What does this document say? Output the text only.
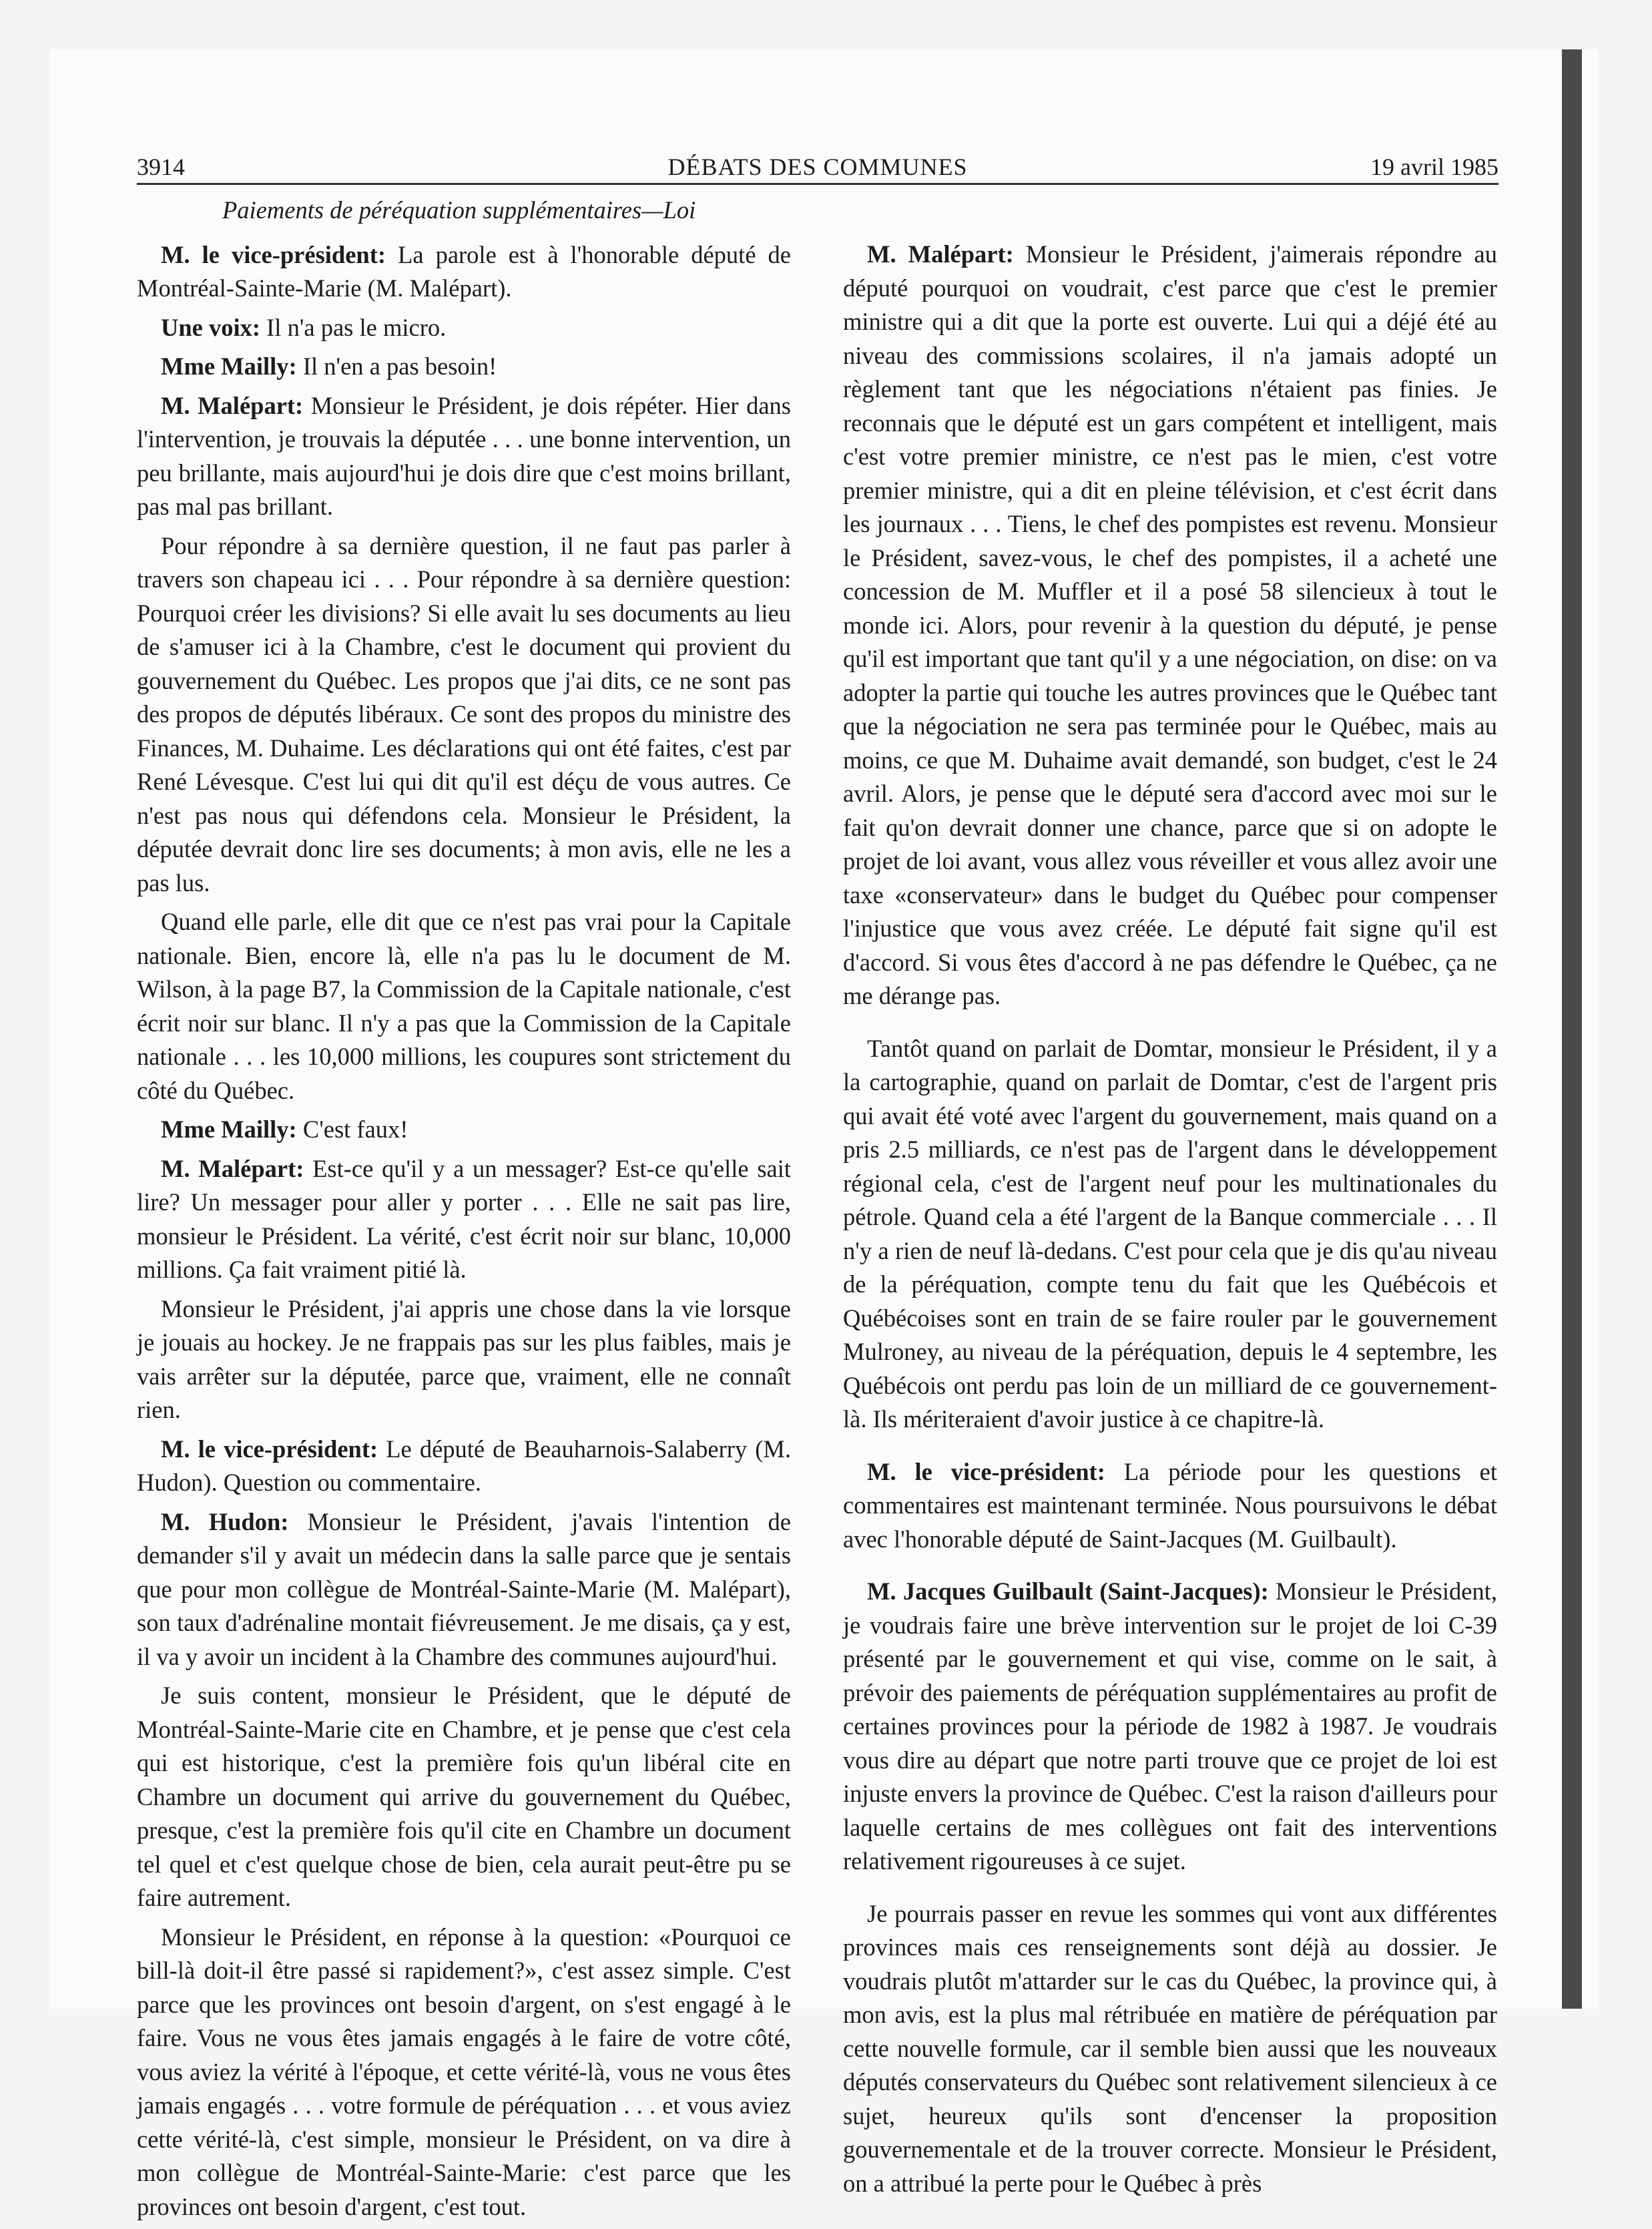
3914	DÉBATS DES COMMUNES	19 avril 1985

Paiements de péréquation supplémentaires—Loi

M. le vice-président: La parole est à l'honorable député de Montréal-Sainte-Marie (M. Malépart).

Une voix: Il n'a pas le micro.

Mme Mailly: Il n'en a pas besoin!

M. Malépart: Monsieur le Président, je dois répéter. Hier dans l'intervention, je trouvais la députée . . . une bonne intervention, un peu brillante, mais aujourd'hui je dois dire que c'est moins brillant, pas mal pas brillant.

Pour répondre à sa dernière question, il ne faut pas parler à travers son chapeau ici . . . Pour répondre à sa dernière question: Pourquoi créer les divisions? Si elle avait lu ses documents au lieu de s'amuser ici à la Chambre, c'est le document qui provient du gouvernement du Québec. Les propos que j'ai dits, ce ne sont pas des propos de députés libéraux. Ce sont des propos du ministre des Finances, M. Duhaime. Les déclarations qui ont été faites, c'est par René Lévesque. C'est lui qui dit qu'il est déçu de vous autres. Ce n'est pas nous qui défendons cela. Monsieur le Président, la députée devrait donc lire ses documents; à mon avis, elle ne les a pas lus.

Quand elle parle, elle dit que ce n'est pas vrai pour la Capitale nationale. Bien, encore là, elle n'a pas lu le document de M. Wilson, à la page B7, la Commission de la Capitale nationale, c'est écrit noir sur blanc. Il n'y a pas que la Commission de la Capitale nationale . . . les 10,000 millions, les coupures sont strictement du côté du Québec.

Mme Mailly: C'est faux!

M. Malépart: Est-ce qu'il y a un messager? Est-ce qu'elle sait lire? Un messager pour aller y porter . . . Elle ne sait pas lire, monsieur le Président. La vérité, c'est écrit noir sur blanc, 10,000 millions. Ça fait vraiment pitié là.

Monsieur le Président, j'ai appris une chose dans la vie lorsque je jouais au hockey. Je ne frappais pas sur les plus faibles, mais je vais arrêter sur la députée, parce que, vraiment, elle ne connaît rien.

M. le vice-président: Le député de Beauharnois-Salaberry (M. Hudon). Question ou commentaire.

M. Hudon: Monsieur le Président, j'avais l'intention de demander s'il y avait un médecin dans la salle parce que je sentais que pour mon collègue de Montréal-Sainte-Marie (M. Malépart), son taux d'adrénaline montait fiévreusement. Je me disais, ça y est, il va y avoir un incident à la Chambre des communes aujourd'hui.

Je suis content, monsieur le Président, que le député de Montréal-Sainte-Marie cite en Chambre, et je pense que c'est cela qui est historique, c'est la première fois qu'un libéral cite en Chambre un document qui arrive du gouvernement du Québec, presque, c'est la première fois qu'il cite en Chambre un document tel quel et c'est quelque chose de bien, cela aurait peut-être pu se faire autrement.

Monsieur le Président, en réponse à la question: «Pourquoi ce bill-là doit-il être passé si rapidement?», c'est assez simple. C'est parce que les provinces ont besoin d'argent, on s'est engagé à le faire. Vous ne vous êtes jamais engagés à le faire de votre côté, vous aviez la vérité à l'époque, et cette vérité-là, vous ne vous êtes jamais engagés . . . votre formule de péréquation . . . et vous aviez cette vérité-là, c'est simple, monsieur le Président, on va dire à mon collègue de Montréal-Sainte-Marie: c'est parce que les provinces ont besoin d'argent, c'est tout.

M. Malépart: Monsieur le Président, j'aimerais répondre au député pourquoi on voudrait, c'est parce que c'est le premier ministre qui a dit que la porte est ouverte. Lui qui a déjé été au niveau des commissions scolaires, il n'a jamais adopté un règlement tant que les négociations n'étaient pas finies. Je reconnais que le député est un gars compétent et intelligent, mais c'est votre premier ministre, ce n'est pas le mien, c'est votre premier ministre, qui a dit en pleine télévision, et c'est écrit dans les journaux . . . Tiens, le chef des pompistes est revenu. Monsieur le Président, savez-vous, le chef des pompistes, il a acheté une concession de M. Muffler et il a posé 58 silencieux à tout le monde ici. Alors, pour revenir à la question du député, je pense qu'il est important que tant qu'il y a une négociation, on dise: on va adopter la partie qui touche les autres provinces que le Québec tant que la négociation ne sera pas terminée pour le Québec, mais au moins, ce que M. Duhaime avait demandé, son budget, c'est le 24 avril. Alors, je pense que le député sera d'accord avec moi sur le fait qu'on devrait donner une chance, parce que si on adopte le projet de loi avant, vous allez vous réveiller et vous allez avoir une taxe «conservateur» dans le budget du Québec pour compenser l'injustice que vous avez créée. Le député fait signe qu'il est d'accord. Si vous êtes d'accord à ne pas défendre le Québec, ça ne me dérange pas.

Tantôt quand on parlait de Domtar, monsieur le Président, il y a la cartographie, quand on parlait de Domtar, c'est de l'argent pris qui avait été voté avec l'argent du gouvernement, mais quand on a pris 2.5 milliards, ce n'est pas de l'argent dans le développement régional cela, c'est de l'argent neuf pour les multinationales du pétrole. Quand cela a été l'argent de la Banque commerciale . . . Il n'y a rien de neuf là-dedans. C'est pour cela que je dis qu'au niveau de la péréquation, compte tenu du fait que les Québécois et Québécoises sont en train de se faire rouler par le gouvernement Mulroney, au niveau de la péréquation, depuis le 4 septembre, les Québécois ont perdu pas loin de un milliard de ce gouvernement-là. Ils mériteraient d'avoir justice à ce chapitre-là.

M. le vice-président: La période pour les questions et commentaires est maintenant terminée. Nous poursuivons le débat avec l'honorable député de Saint-Jacques (M. Guilbault).

M. Jacques Guilbault (Saint-Jacques): Monsieur le Président, je voudrais faire une brève intervention sur le projet de loi C-39 présenté par le gouvernement et qui vise, comme on le sait, à prévoir des paiements de péréquation supplémentaires au profit de certaines provinces pour la période de 1982 à 1987. Je voudrais vous dire au départ que notre parti trouve que ce projet de loi est injuste envers la province de Québec. C'est la raison d'ailleurs pour laquelle certains de mes collègues ont fait des interventions relativement rigoureuses à ce sujet.

Je pourrais passer en revue les sommes qui vont aux différentes provinces mais ces renseignements sont déjà au dossier. Je voudrais plutôt m'attarder sur le cas du Québec, la province qui, à mon avis, est la plus mal rétribuée en matière de péréquation par cette nouvelle formule, car il semble bien aussi que les nouveaux députés conservateurs du Québec sont relativement silencieux à ce sujet, heureux qu'ils sont d'encenser la proposition gouvernementale et de la trouver correcte. Monsieur le Président, on a attribué la perte pour le Québec à près
